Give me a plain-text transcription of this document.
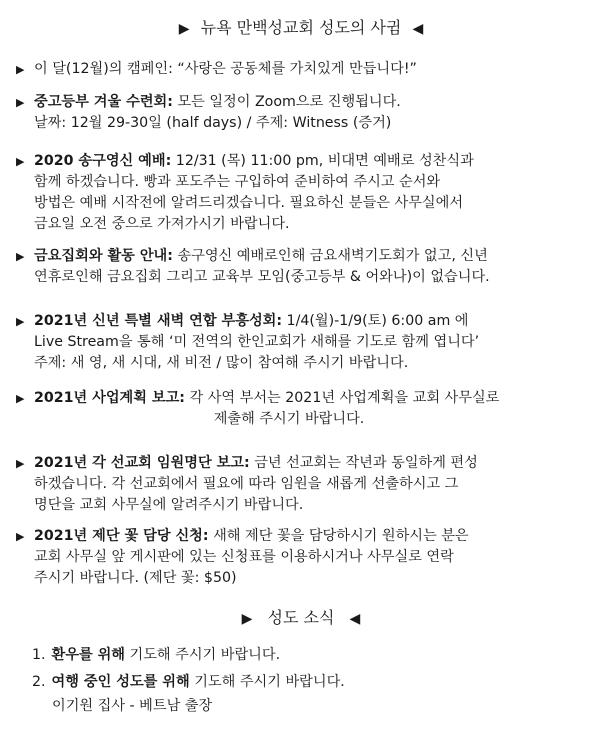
▶ 뉴욕 만백성교회 성도의 사귐 ◀
▶ 이 달(12월)의 캠페인: “사랑은 공동체를 가치있게 만듭니다!”
▶ 중고등부 겨울 수련회: 모든 일정이 Zoom으로 진행됩니다.
날짜: 12월 29-30일 (half days) / 주제: Witness (증거)
▶ 2020 송구영신 예배: 12/31 (목) 11:00 pm, 비대면 예배로 성찬식과
함께 하겠습니다. 빵과 포도주는 구입하여 준비하여 주시고 순서와
방법은 예배 시작전에 알려드리겠습니다. 필요하신 분들은 사무실에서
금요일 오전 중으로 가져가시기 바랍니다.
▶ 금요집회와 활동 안내: 송구영신 예배로인해 금요새벽기도회가 없고, 신년
연휴로인해 금요집회 그리고 교육부 모임(중고등부 & 어와나)이 없습니다.
▶ 2021년 신년 특별 새벽 연합 부흥성회: 1/4(월)-1/9(토) 6:00 am 에
Live Stream을 통해 ‘미 전역의 한인교회가 새해를 기도로 함께 엽니다’
주제: 새 영, 새 시대, 새 비전 / 많이 참여해 주시기 바랍니다.
▶ 2021년 사업계획 보고: 각 사역 부서는 2021년 사업계획을 교회 사무실로
제출해 주시기 바랍니다.
▶ 2021년 각 선교회 임원명단 보고: 금년 선교회는 작년과 동일하게 편성
하겠습니다. 각 선교회에서 필요에 따라 임원을 새롭게 선출하시고 그
명단을 교회 사무실에 알려주시기 바랍니다.
▶ 2021년 제단 꽃 담당 신청: 새해 제단 꽃을 담당하시기 원하시는 분은
교회 사무실 앞 게시판에 있는 신청표를 이용하시거나 사무실로 연락
주시기 바랍니다. (제단 꽃: $50)
▶ 성도 소식 ◀
1. 환우를 위해 기도해 주시기 바랍니다.
2. 여행 중인 성도를 위해 기도해 주시기 바랍니다.
이기원 집사 - 베트남 출장
